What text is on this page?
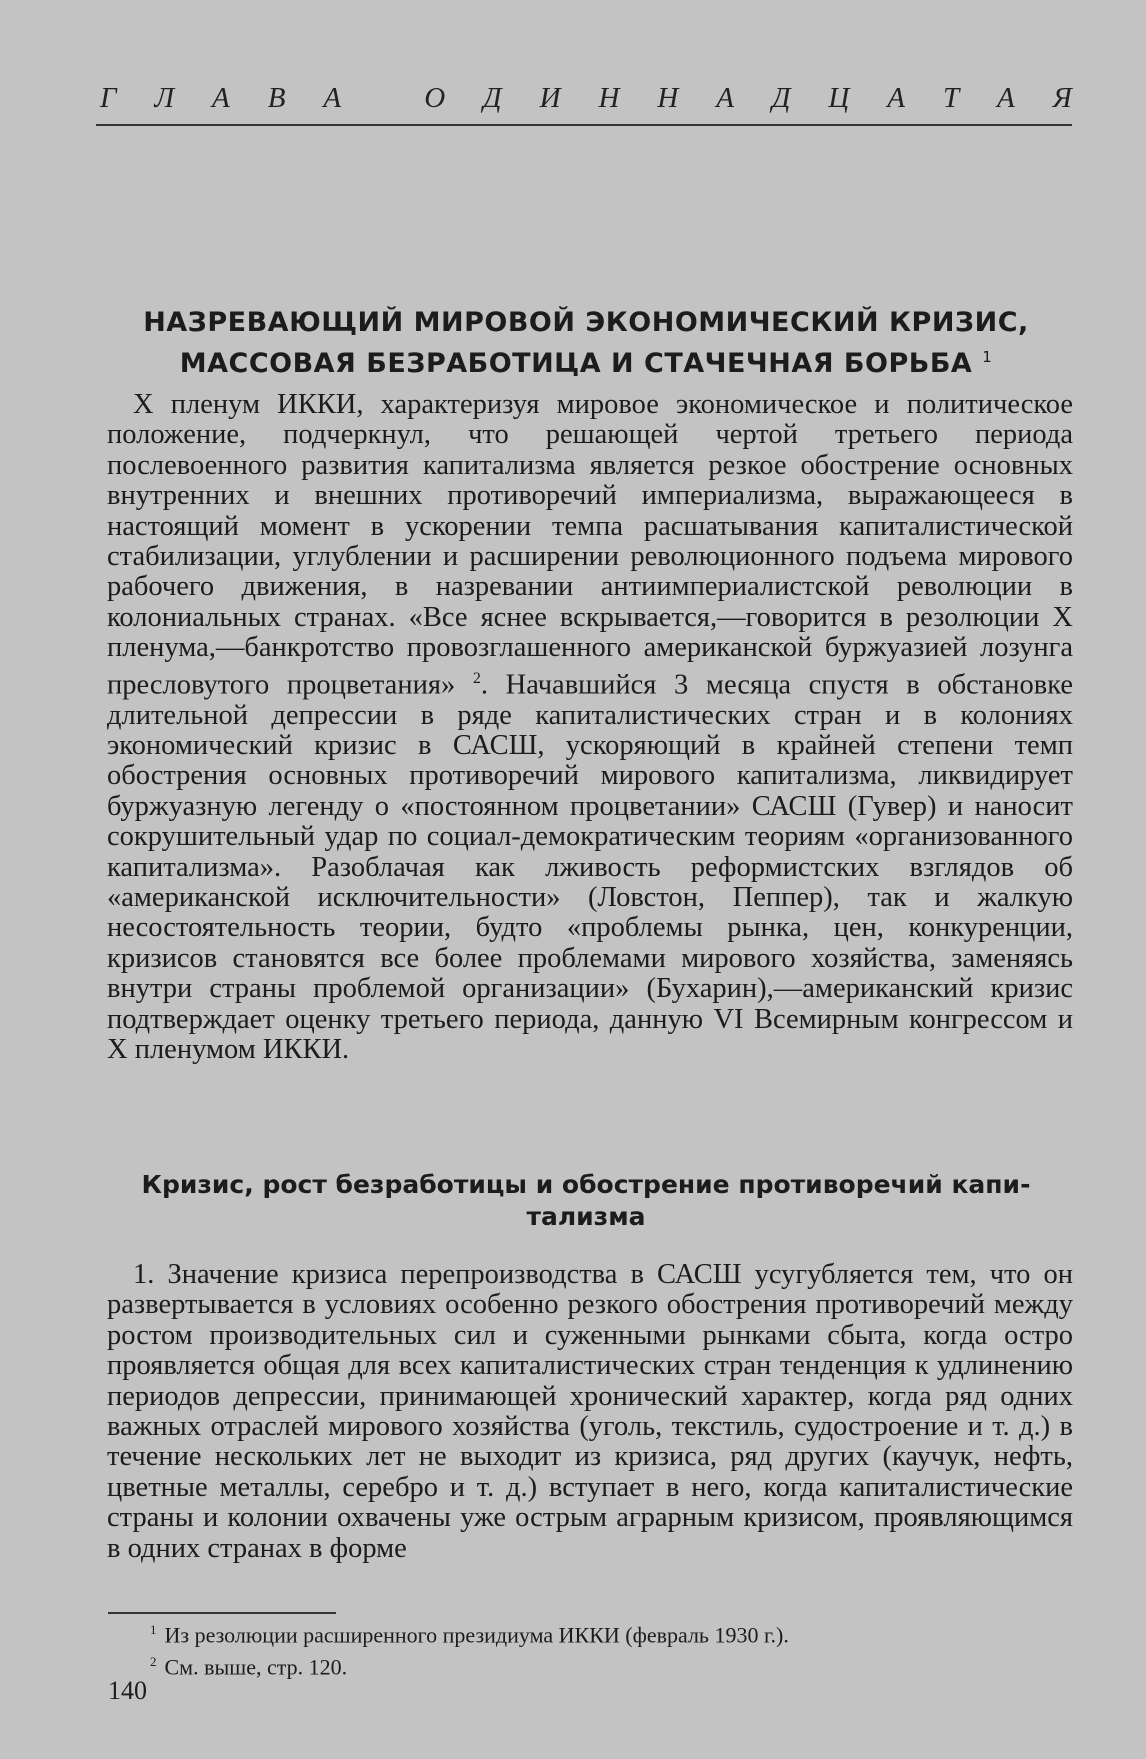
Г Л А В А
	О Д И Н Н А Д Ц А Т А Я
НАЗРЕВАЮЩИЙ МИРОВОЙ ЭКОНОМИЧЕСКИЙ КРИЗИС,
МАССОВАЯ БЕЗРАБОТИЦА И СТАЧЕЧНАЯ БОРЬБА $^1$

X пленум ИККИ, характеризуя мировое экономическое и политическое положение, подчеркнул, что решающей чертой третьего периода послевоенного развития капитализма является резкое обострение основных внутренних и внешних противоречий империализма, выражающееся в настоящий момент в ускорении темпа расшатывания капиталистической стабилизации, углублении и расширении революционного подъема мирового рабочего движения, в назревании антиимпериалистской революции в колониальных странах. «Все яснее вскрывается,—говорится в резолюции X пленума,—банкротство провозглашенного американской буржуазией лозунга пресловутого процветания» $^2$. Начавшийся 3 месяца спустя в обстановке длительной депрессии в ряде капиталистических стран и в колониях экономический кризис в САСШ, ускоряющий в крайней степени темп обострения основных противоречий мирового капитализма, ликвидирует буржуазную легенду о «постоянном процветании» САСШ (Гувер) и наносит сокрушительный удар по социал-демократическим теориям «организованного капитализма». Разоблачая как лживость реформистских взглядов об «американской исключительности» (Ловстон, Пеппер), так и жалкую несостоятельность теории, будто «проблемы рынка, цен, конкуренции, кризисов становятся все более проблемами мирового хозяйства, заменяясь внутри страны проблемой организации» (Бухарин),—американский кризис подтверждает оценку третьего периода, данную VI Всемирным конгрессом и X пленумом ИККИ.

Кризис, рост безработицы и обострение противоречий капи-
тализма

1. Значение кризиса перепроизводства в САСШ усугубляется тем, что он развертывается в условиях особенно резкого обострения противоречий между ростом производительных сил и суженными рынками сбыта, когда остро проявляется общая для всех капиталистических стран тенденция к удлинению периодов депрессии, принимающей хронический характер, когда ряд одних важных отраслей мирового хозяйства (уголь, текстиль, судостроение и т. д.) в течение нескольких лет не выходит из кризиса, ряд других (каучук, нефть, цветные металлы, серебро и т. д.) вступает в него, когда капиталистические страны и колонии охвачены уже острым аграрным кризисом, проявляющимся в одних странах в форме

$^1$ Из резолюции расширенного президиума ИККИ (февраль 1930 г.).

$^2$ См. выше, стр. 120.

140
